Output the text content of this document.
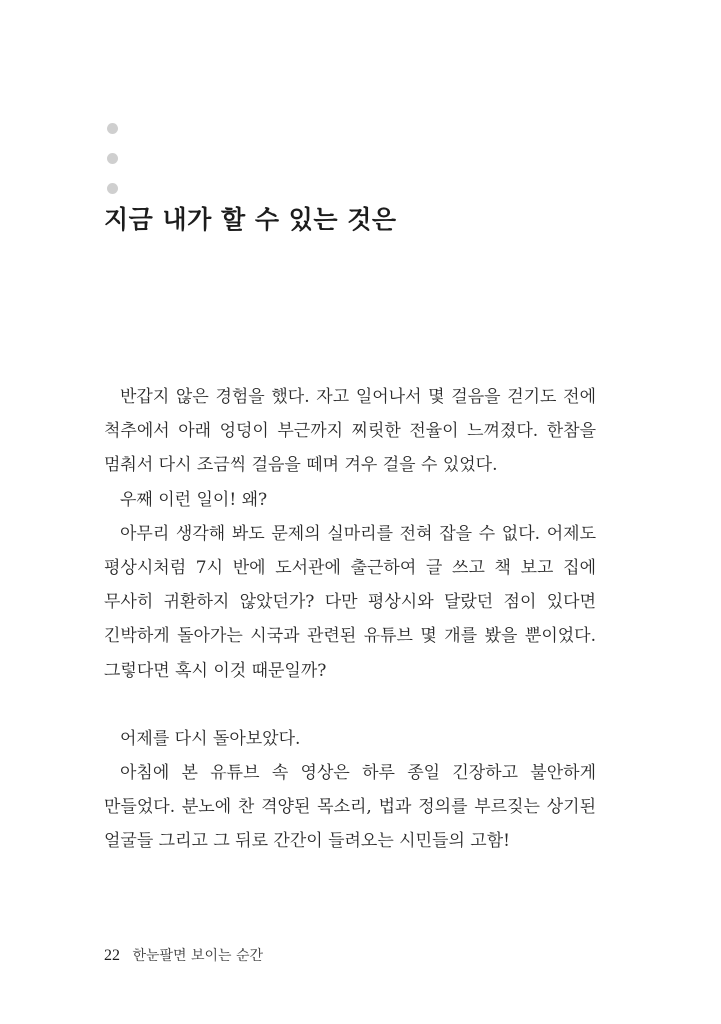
지금 내가 할 수 있는 것은

반갑지 않은 경험을 했다. 자고 일어나서 몇 걸음을 걷기도 전에 척추에서 아래 엉덩이 부근까지 찌릿한 전율이 느껴졌다. 한참을 멈춰서 다시 조금씩 걸음을 떼며 겨우 걸을 수 있었다.

우째 이런 일이! 왜?

아무리 생각해 봐도 문제의 실마리를 전혀 잡을 수 없다. 어제도 평상시처럼 7시 반에 도서관에 출근하여 글 쓰고 책 보고 집에 무사히 귀환하지 않았던가? 다만 평상시와 달랐던 점이 있다면 긴박하게 돌아가는 시국과 관련된 유튜브 몇 개를 봤을 뿐이었다. 그렇다면 혹시 이것 때문일까?

어제를 다시 돌아보았다.

아침에 본 유튜브 속 영상은 하루 종일 긴장하고 불안하게 만들었다. 분노에 찬 격양된 목소리, 법과 정의를 부르짖는 상기된 얼굴들 그리고 그 뒤로 간간이 들려오는 시민들의 고함!

22 한눈팔면 보이는 순간
